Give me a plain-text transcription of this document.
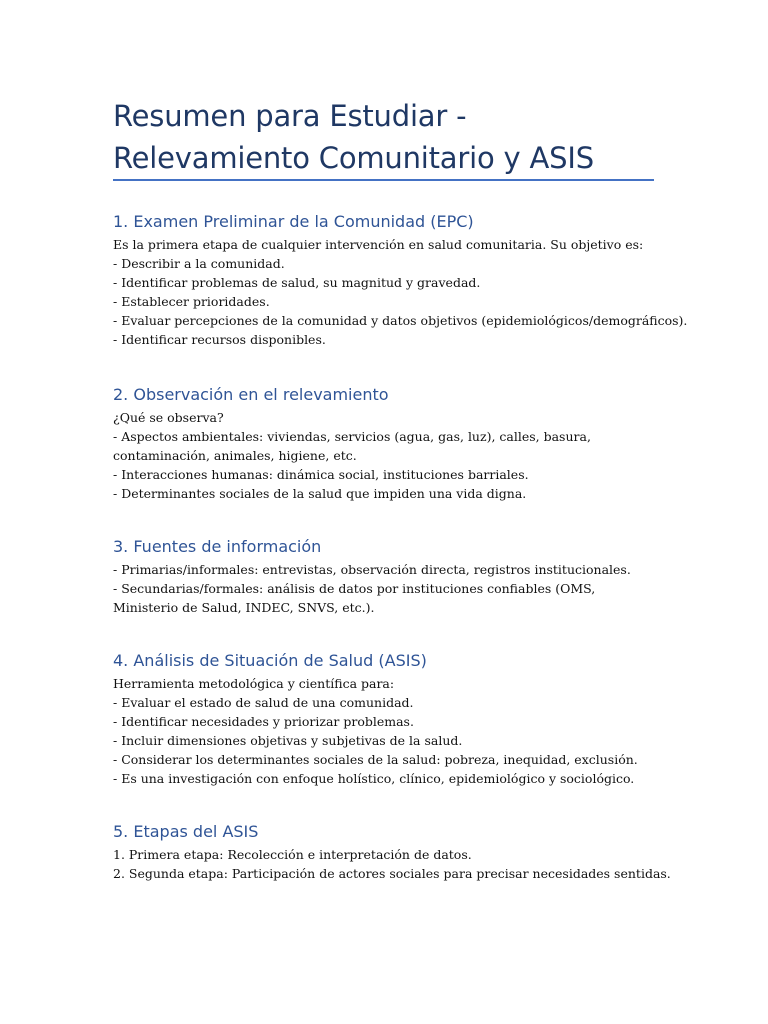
Resumen para Estudiar - Relevamiento Comunitario y ASIS
1. Examen Preliminar de la Comunidad (EPC)

Es la primera etapa de cualquier intervención en salud comunitaria. Su objetivo es:

- Describir a la comunidad.

- Identificar problemas de salud, su magnitud y gravedad.

- Establecer prioridades.

- Evaluar percepciones de la comunidad y datos objetivos (epidemiológicos/demográficos).

- Identificar recursos disponibles.

2. Observación en el relevamiento

¿Qué se observa?

- Aspectos ambientales: viviendas, servicios (agua, gas, luz), calles, basura, contaminación, animales, higiene, etc.

- Interacciones humanas: dinámica social, instituciones barriales.

- Determinantes sociales de la salud que impiden una vida digna.

3. Fuentes de información

- Primarias/informales: entrevistas, observación directa, registros institucionales.

- Secundarias/formales: análisis de datos por instituciones confiables (OMS, Ministerio de Salud, INDEC, SNVS, etc.).

4. Análisis de Situación de Salud (ASIS)

Herramienta metodológica y científica para:

- Evaluar el estado de salud de una comunidad.

- Identificar necesidades y priorizar problemas.

- Incluir dimensiones objetivas y subjetivas de la salud.

- Considerar los determinantes sociales de la salud: pobreza, inequidad, exclusión.

- Es una investigación con enfoque holístico, clínico, epidemiológico y sociológico.

5. Etapas del ASIS

1. Primera etapa: Recolección e interpretación de datos.

2. Segunda etapa: Participación de actores sociales para precisar necesidades sentidas.
